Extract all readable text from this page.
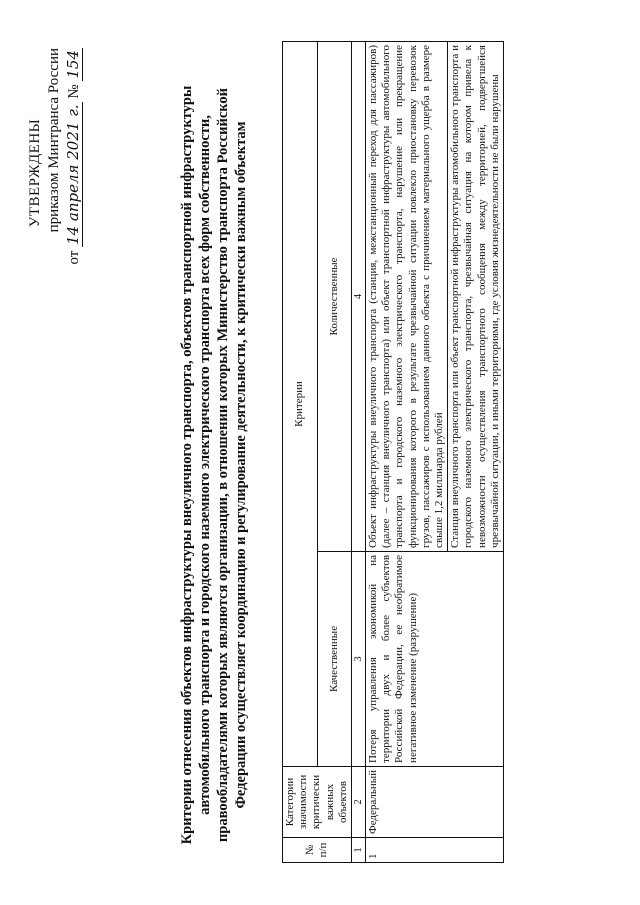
УТВЕРЖДЕНЫ приказом Минтранса России
от 14 апреля 2021 г. № 154
Критерии отнесения объектов инфраструктуры внеуличного транспорта, объектов транспортной инфраструктуры автомобильного транспорта и городского наземного электрического транспорта всех форм собственности, правообладателями которых являются организации, в отношении которых Министерство транспорта Российской Федерации осуществляет координацию и регулирование деятельности, к критически важным объектам
№ п/п	Категории значимости критически важных объектов	Критерии	
		Качественные	Количественные
1	2	3	4
1	Федеральный	Потеря управления экономикой на территории двух и более субъектов Российской Федерации, ее необратимое негативное изменение (разрушение)	Объект инфраструктуры внеуличного транспорта (станция, межстанционный переход для пассажиров) (далее – станция внеуличного транспорта) или объект транспортной инфраструктуры автомобильного транспорта и городского наземного электрического транспорта, нарушение или прекращение функционирования которого в результате чрезвычайной ситуации повлекло приостановку перевозок грузов, пассажиров с использованием данного объекта с причинением материального ущерба в размере свыше 1,2 миллиарда рублей
			Станция внеуличного транспорта или объект транспортной инфраструктуры автомобильного транспорта и городского наземного электрического транспорта, чрезвычайная ситуация на котором привела к невозможности осуществления транспортного сообщения между территорией, подвергшейся чрезвычайной ситуации, и иными территориями, где условия жизнедеятельности не были нарушены
